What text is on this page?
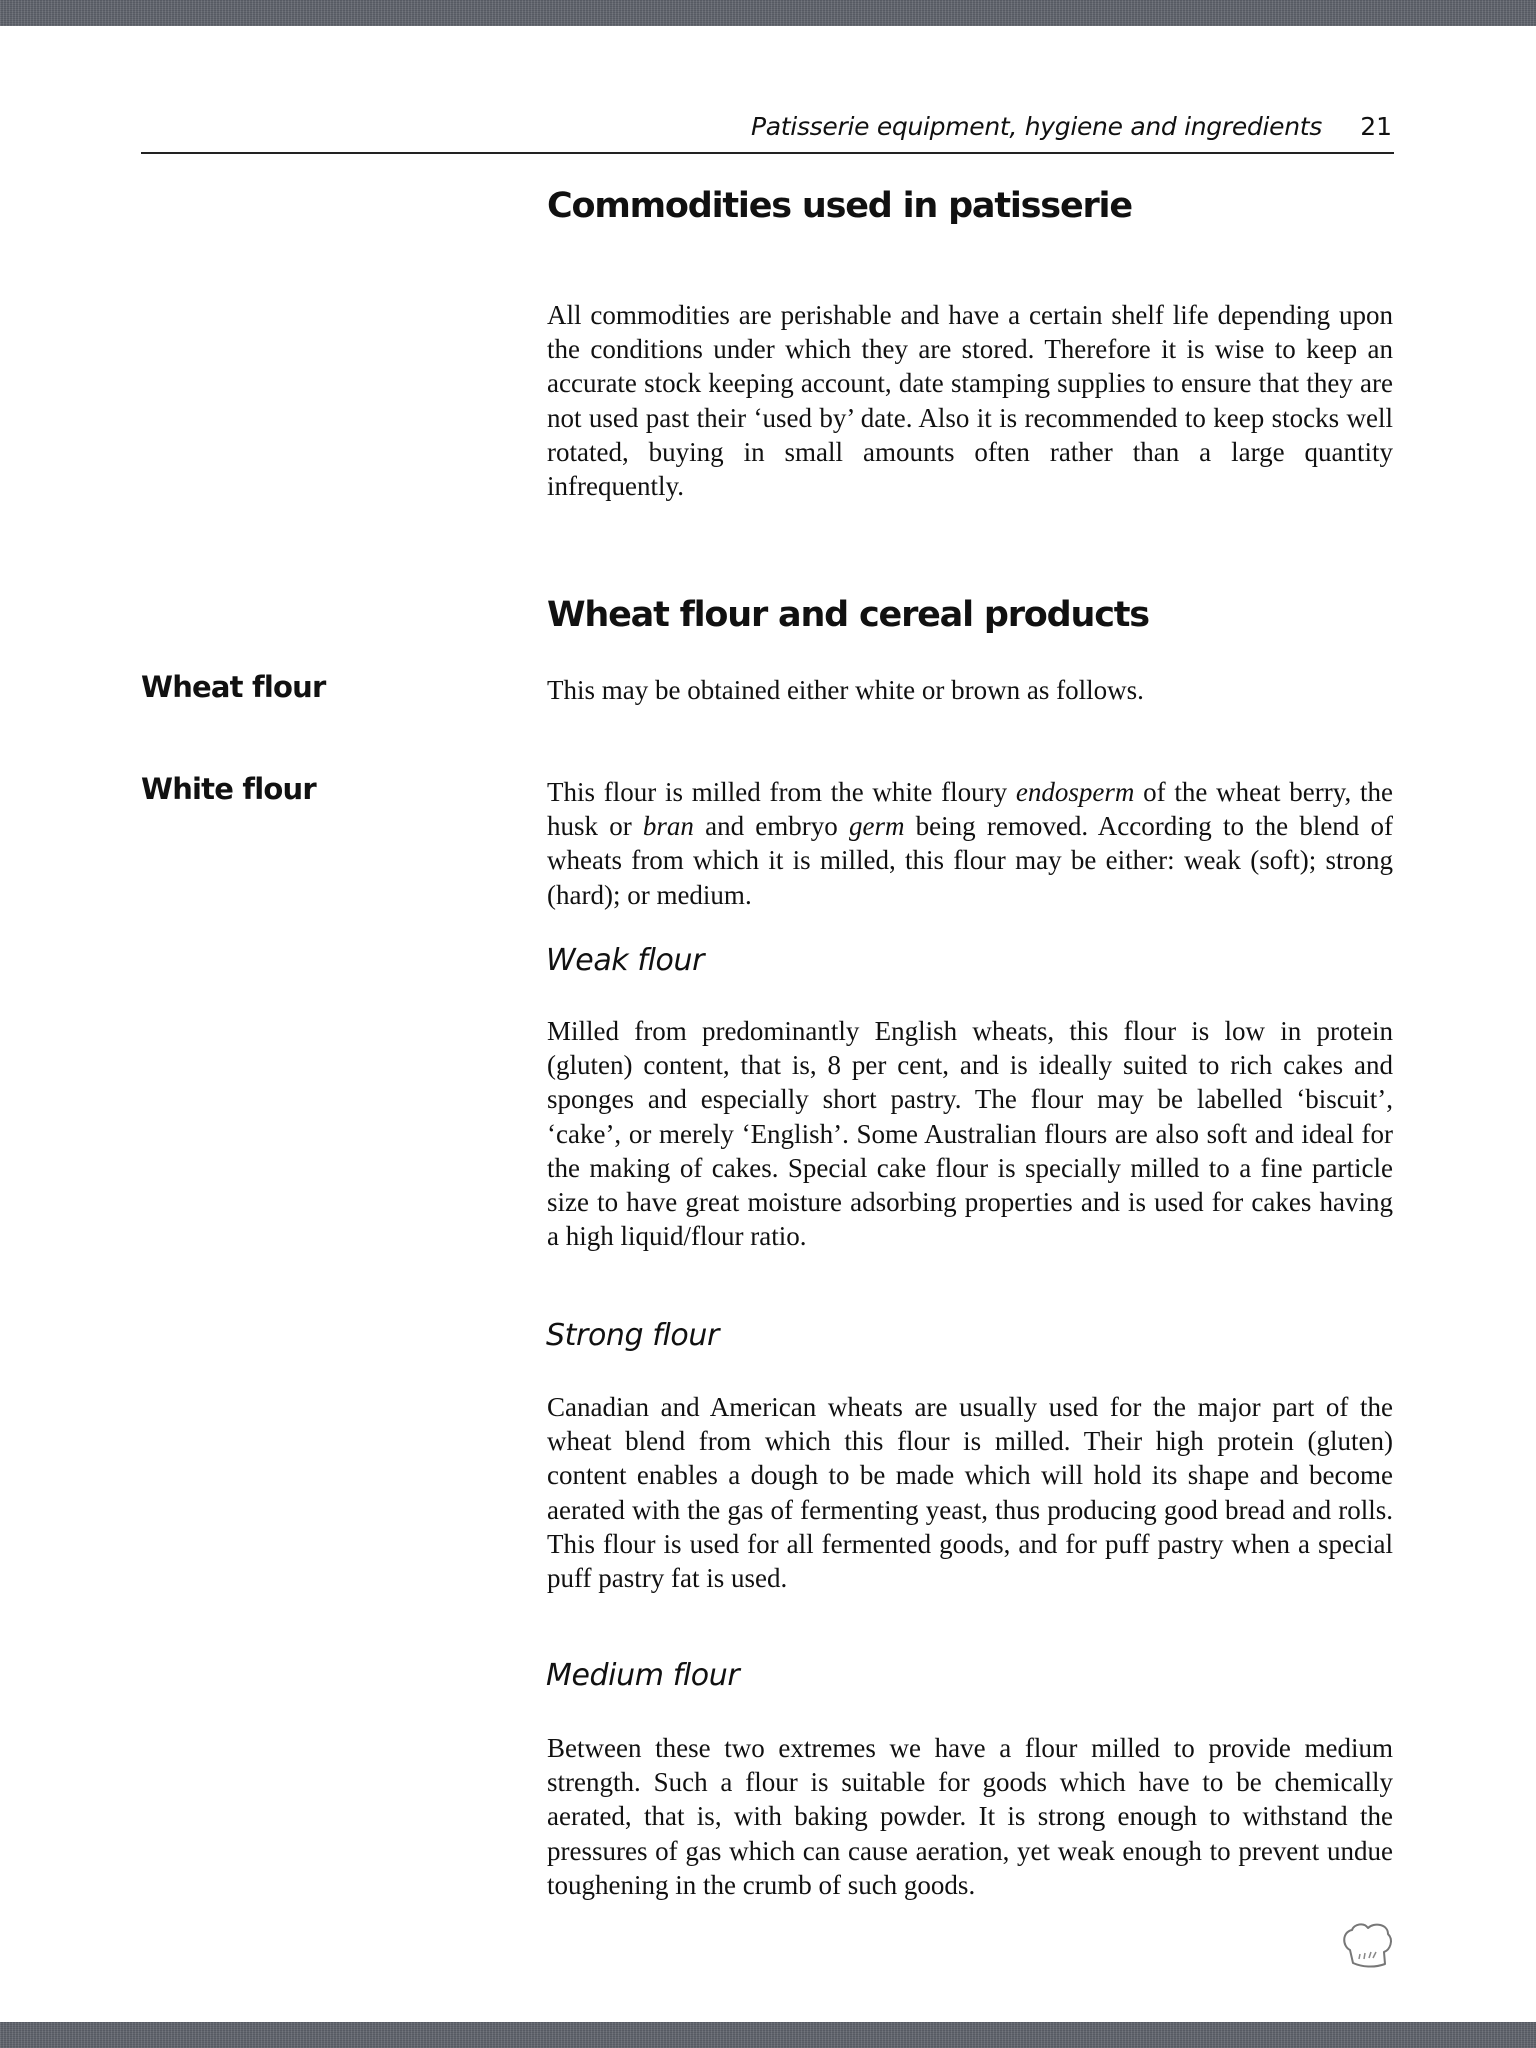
Patisserie equipment, hygiene and ingredients 21
Commodities used in patisserie

All commodities are perishable and have a certain shelf life depending upon the conditions under which they are stored. Therefore it is wise to keep an accurate stock keeping account, date stamping supplies to ensure that they are not used past their ‘used by’ date. Also it is recommended to keep stocks well rotated, buying in small amounts often rather than a large quantity infrequently.

Wheat flour and cereal products
Wheat flour	This may be obtained either white or brown as follows.

White flour	This flour is milled from the white floury endosperm of the wheat berry, the husk or bran and embryo germ being removed. According to the blend of wheats from which it is milled, this flour may be either: weak (soft); strong (hard); or medium.

Weak flour

Milled from predominantly English wheats, this flour is low in protein (gluten) content, that is, 8 per cent, and is ideally suited to rich cakes and sponges and especially short pastry. The flour may be labelled ‘biscuit’, ‘cake’, or merely ‘English’. Some Australian flours are also soft and ideal for the making of cakes. Special cake flour is specially milled to a fine particle size to have great moisture adsorbing properties and is used for cakes having a high liquid/flour ratio.

Strong flour

Canadian and American wheats are usually used for the major part of the wheat blend from which this flour is milled. Their high protein (gluten) content enables a dough to be made which will hold its shape and become aerated with the gas of fermenting yeast, thus producing good bread and rolls. This flour is used for all fermented goods, and for puff pastry when a special puff pastry fat is used.

Medium flour

Between these two extremes we have a flour milled to provide medium strength. Such a flour is suitable for goods which have to be chemically aerated, that is, with baking powder. It is strong enough to withstand the pressures of gas which can cause aeration, yet weak enough to prevent undue toughening in the crumb of such goods.
